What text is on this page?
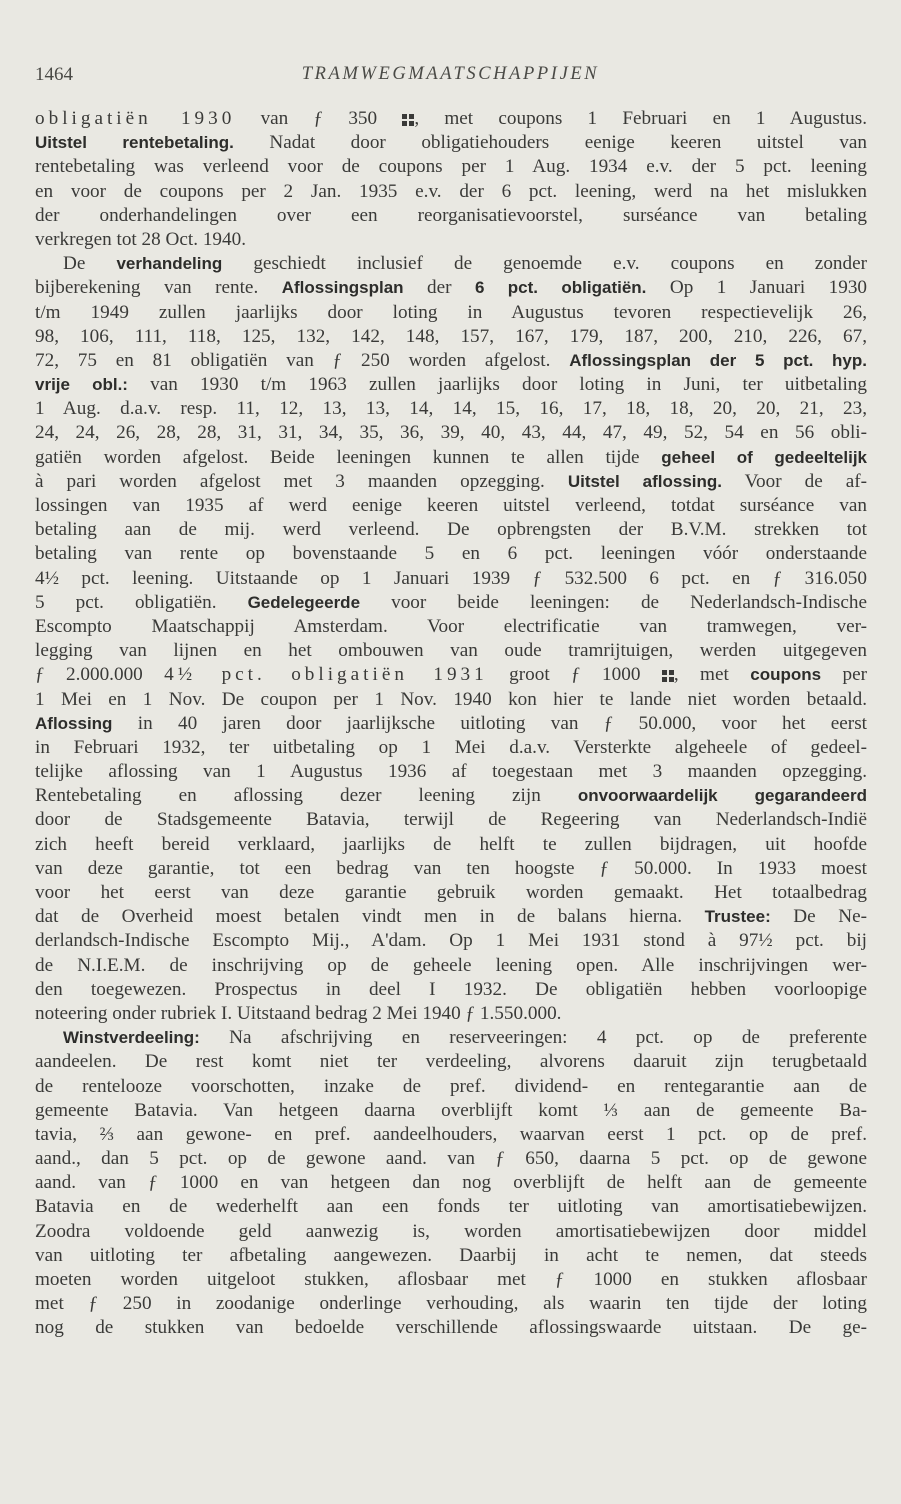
1464	TRAMWEGMAATSCHAPPIJEN
obligatiën 1930 van ƒ 350 , met coupons 1 Februari en 1 Augustus.
Uitstel rentebetaling. Nadat door obligatiehouders eenige keeren uitstel van
rentebetaling was verleend voor de coupons per 1 Aug. 1934 e.v. der 5 pct. leening
en voor de coupons per 2 Jan. 1935 e.v. der 6 pct. leening, werd na het mislukken
der onderhandelingen over een reorganisatievoorstel, surséance van betaling
verkregen tot 28 Oct. 1940.
De verhandeling geschiedt inclusief de genoemde e.v. coupons en zonder
bijberekening van rente. Aflossingsplan der 6 pct. obligatiën. Op 1 Januari 1930
t/m 1949 zullen jaarlijks door loting in Augustus tevoren respectievelijk 26,
98, 106, 111, 118, 125, 132, 142, 148, 157, 167, 179, 187, 200, 210, 226, 67,
72, 75 en 81 obligatiën van ƒ 250 worden afgelost. Aflossingsplan der 5 pct. hyp.
vrije obl.: van 1930 t/m 1963 zullen jaarlijks door loting in Juni, ter uitbetaling
1 Aug. d.a.v. resp. 11, 12, 13, 13, 14, 14, 15, 16, 17, 18, 18, 20, 20, 21, 23,
24, 24, 26, 28, 28, 31, 31, 34, 35, 36, 39, 40, 43, 44, 47, 49, 52, 54 en 56 obli-
gatiën worden afgelost. Beide leeningen kunnen te allen tijde geheel of gedeeltelijk
à pari worden afgelost met 3 maanden opzegging. Uitstel aflossing. Voor de af-
lossingen van 1935 af werd eenige keeren uitstel verleend, totdat surséance van
betaling aan de mij. werd verleend. De opbrengsten der B.V.M. strekken tot
betaling van rente op bovenstaande 5 en 6 pct. leeningen vóór onderstaande
4½ pct. leening. Uitstaande op 1 Januari 1939 ƒ 532.500 6 pct. en ƒ 316.050
5 pct. obligatiën. Gedelegeerde voor beide leeningen: de Nederlandsch-Indische
Escompto Maatschappij Amsterdam. Voor electrificatie van tramwegen, ver-
legging van lijnen en het ombouwen van oude tramrijtuigen, werden uitgegeven
ƒ 2.000.000 4½ pct. obligatiën 1931 groot ƒ 1000 , met coupons per
1 Mei en 1 Nov. De coupon per 1 Nov. 1940 kon hier te lande niet worden betaald.
Aflossing in 40 jaren door jaarlijksche uitloting van ƒ 50.000, voor het eerst
in Februari 1932, ter uitbetaling op 1 Mei d.a.v. Versterkte algeheele of gedeel-
telijke aflossing van 1 Augustus 1936 af toegestaan met 3 maanden opzegging.
Rentebetaling en aflossing dezer leening zijn onvoorwaardelijk gegarandeerd
door de Stadsgemeente Batavia, terwijl de Regeering van Nederlandsch-Indië
zich heeft bereid verklaard, jaarlijks de helft te zullen bijdragen, uit hoofde
van deze garantie, tot een bedrag van ten hoogste ƒ 50.000. In 1933 moest
voor het eerst van deze garantie gebruik worden gemaakt. Het totaalbedrag
dat de Overheid moest betalen vindt men in de balans hierna. Trustee: De Ne-
derlandsch-Indische Escompto Mij., A'dam. Op 1 Mei 1931 stond à 97½ pct. bij
de N.I.E.M. de inschrijving op de geheele leening open. Alle inschrijvingen wer-
den toegewezen. Prospectus in deel I 1932. De obligatiën hebben voorloopige
noteering onder rubriek I. Uitstaand bedrag 2 Mei 1940 ƒ 1.550.000.
Winstverdeeling: Na afschrijving en reserveeringen: 4 pct. op de preferente
aandeelen. De rest komt niet ter verdeeling, alvorens daaruit zijn terugbetaald
de rentelooze voorschotten, inzake de pref. dividend- en rentegarantie aan de
gemeente Batavia. Van hetgeen daarna overblijft komt ⅓ aan de gemeente Ba-
tavia, ⅔ aan gewone- en pref. aandeelhouders, waarvan eerst 1 pct. op de pref.
aand., dan 5 pct. op de gewone aand. van ƒ 650, daarna 5 pct. op de gewone
aand. van ƒ 1000 en van hetgeen dan nog overblijft de helft aan de gemeente
Batavia en de wederhelft aan een fonds ter uitloting van amortisatiebewijzen.
Zoodra voldoende geld aanwezig is, worden amortisatiebewijzen door middel
van uitloting ter afbetaling aangewezen. Daarbij in acht te nemen, dat steeds
moeten worden uitgeloot stukken, aflosbaar met ƒ 1000 en stukken aflosbaar
met ƒ 250 in zoodanige onderlinge verhouding, als waarin ten tijde der loting
nog de stukken van bedoelde verschillende aflossingswaarde uitstaan. De ge-
